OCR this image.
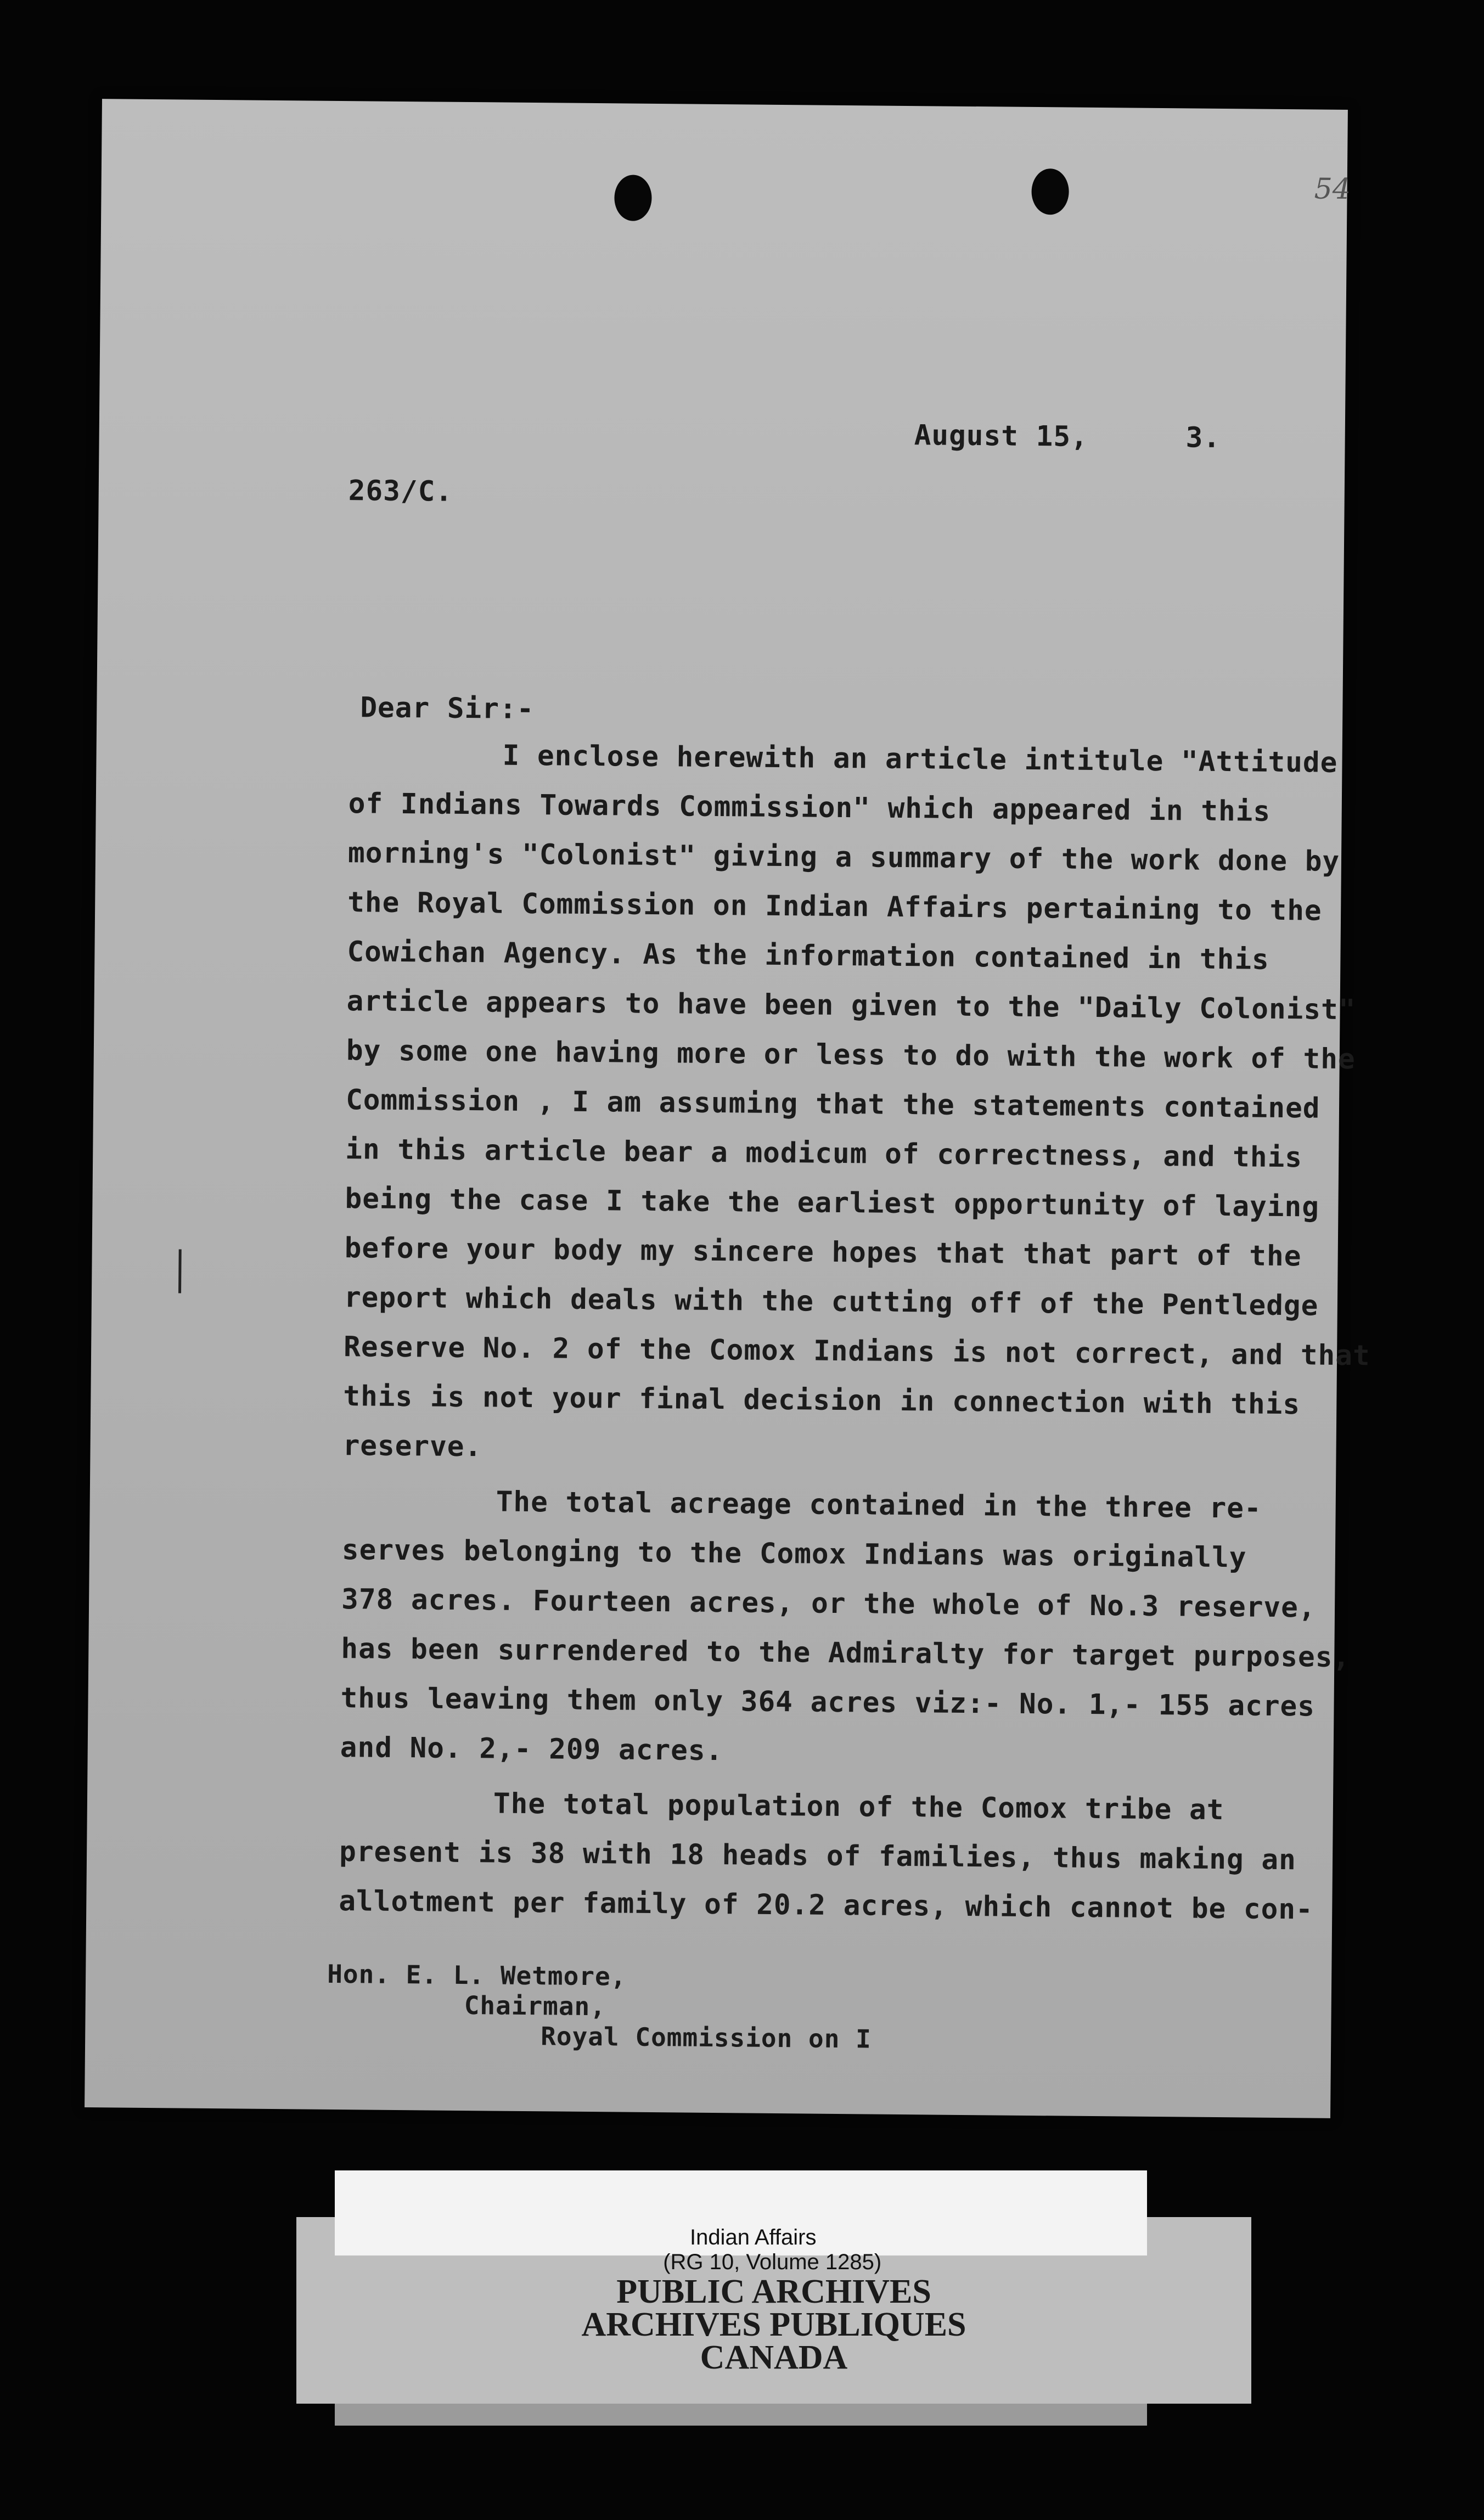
54
August 15,	3.
263/C.
Dear Sir:-
I enclose herewith an article intitule "Attitude
of Indians Towards Commission" which appeared in this
morning's "Colonist" giving a summary of the work done by
the Royal Commission on Indian Affairs pertaining to the
Cowichan Agency. As the information contained in this
article appears to have been given to the "Daily Colonist"
by some one having more or less to do with the work of the
Commission , I am assuming that the statements contained
in this article bear a modicum of correctness, and this
being the case I take the earliest opportunity of laying
before your body my sincere hopes that that part of the
report which deals with the cutting off of the Pentledge
Reserve No. 2 of the Comox Indians is not correct, and that
this is not your final decision in connection with this
reserve.
The total acreage contained in the three re-
serves belonging to the Comox Indians was originally
378 acres. Fourteen acres, or the whole of No.3 reserve,
has been surrendered to the Admiralty for target purposes,
thus leaving them only 364 acres viz:- No. 1,- 155 acres
and No. 2,- 209 acres.
The total population of the Comox tribe at
present is 38 with 18 heads of families, thus making an
allotment per family of 20.2 acres, which cannot be con-
Hon. E. L. Wetmore,
Chairman,
Royal Commission on I
PUBLIC ARCHIVES
ARCHIVES PUBLIQUES
CANADA

Indian Affairs
(RG 10, Volume 1285)
